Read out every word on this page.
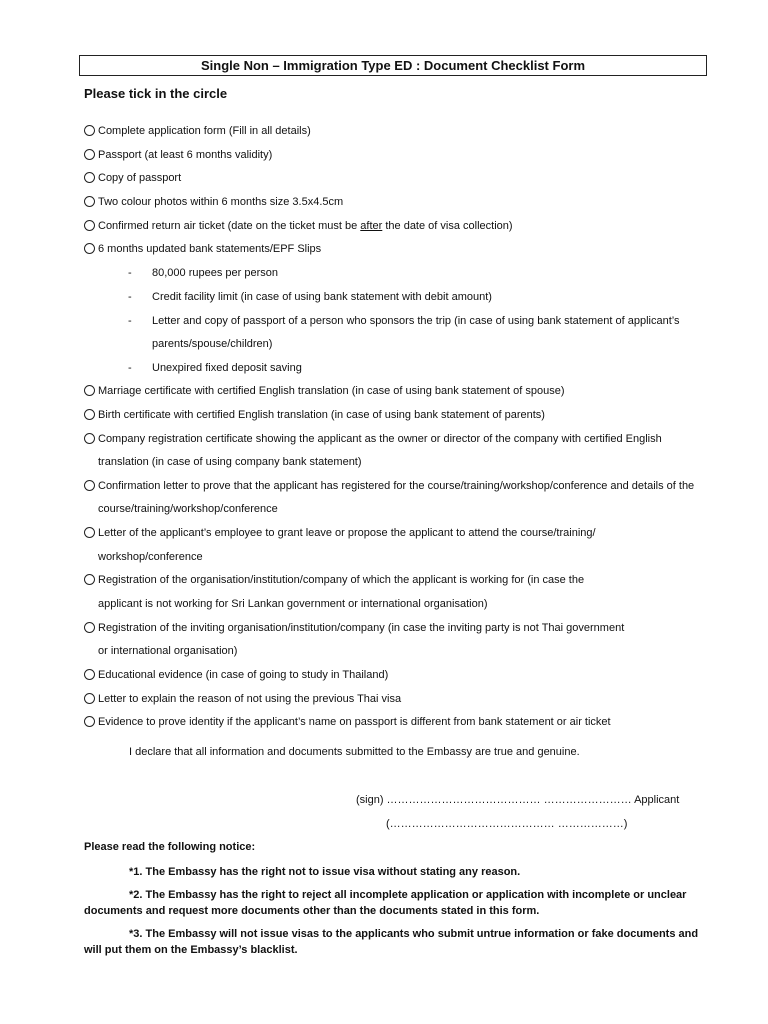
Single Non – Immigration Type ED : Document Checklist Form
Please tick in the circle
Complete application form (Fill in all details)
Passport (at least 6 months validity)
Copy of passport
Two colour photos within 6 months size 3.5x4.5cm
Confirmed return air ticket (date on the ticket must be after the date of visa collection)
6 months updated bank statements/EPF Slips
- 80,000 rupees per person
- Credit facility limit (in case of using bank statement with debit amount)
- Letter and copy of passport of a person who sponsors the trip (in case of using bank statement of applicant’s
parents/spouse/children)
- Unexpired fixed deposit saving
Marriage certificate with certified English translation (in case of using bank statement of spouse)
Birth certificate with certified English translation (in case of using bank statement of parents)
Company registration certificate showing the applicant as the owner or director of the company with certified English
translation (in case of using company bank statement)
Confirmation letter to prove that the applicant has registered for the course/training/workshop/conference and details of the
course/training/workshop/conference
Letter of the applicant’s employee to grant leave or propose the applicant to attend the course/training/
workshop/conference
Registration of the organisation/institution/company of which the applicant is working for (in case the
applicant is not working for Sri Lankan government or international organisation)
Registration of the inviting organisation/institution/company (in case the inviting party is not Thai government
or international organisation)
Educational evidence (in case of going to study in Thailand)
Letter to explain the reason of not using the previous Thai visa
Evidence to prove identity if the applicant’s name on passport is different from bank statement or air ticket
I declare that all information and documents submitted to the Embassy are true and genuine.
(sign) …………………………………… …………………… Applicant
(……………………………………… ………………)
Please read the following notice:
*1. The Embassy has the right not to issue visa without stating any reason.
*2. The Embassy has the right to reject all incomplete application or application with incomplete or unclear
documents and request more documents other than the documents stated in this form.
*3. The Embassy will not issue visas to the applicants who submit untrue information or fake documents and
will put them on the Embassy’s blacklist.
